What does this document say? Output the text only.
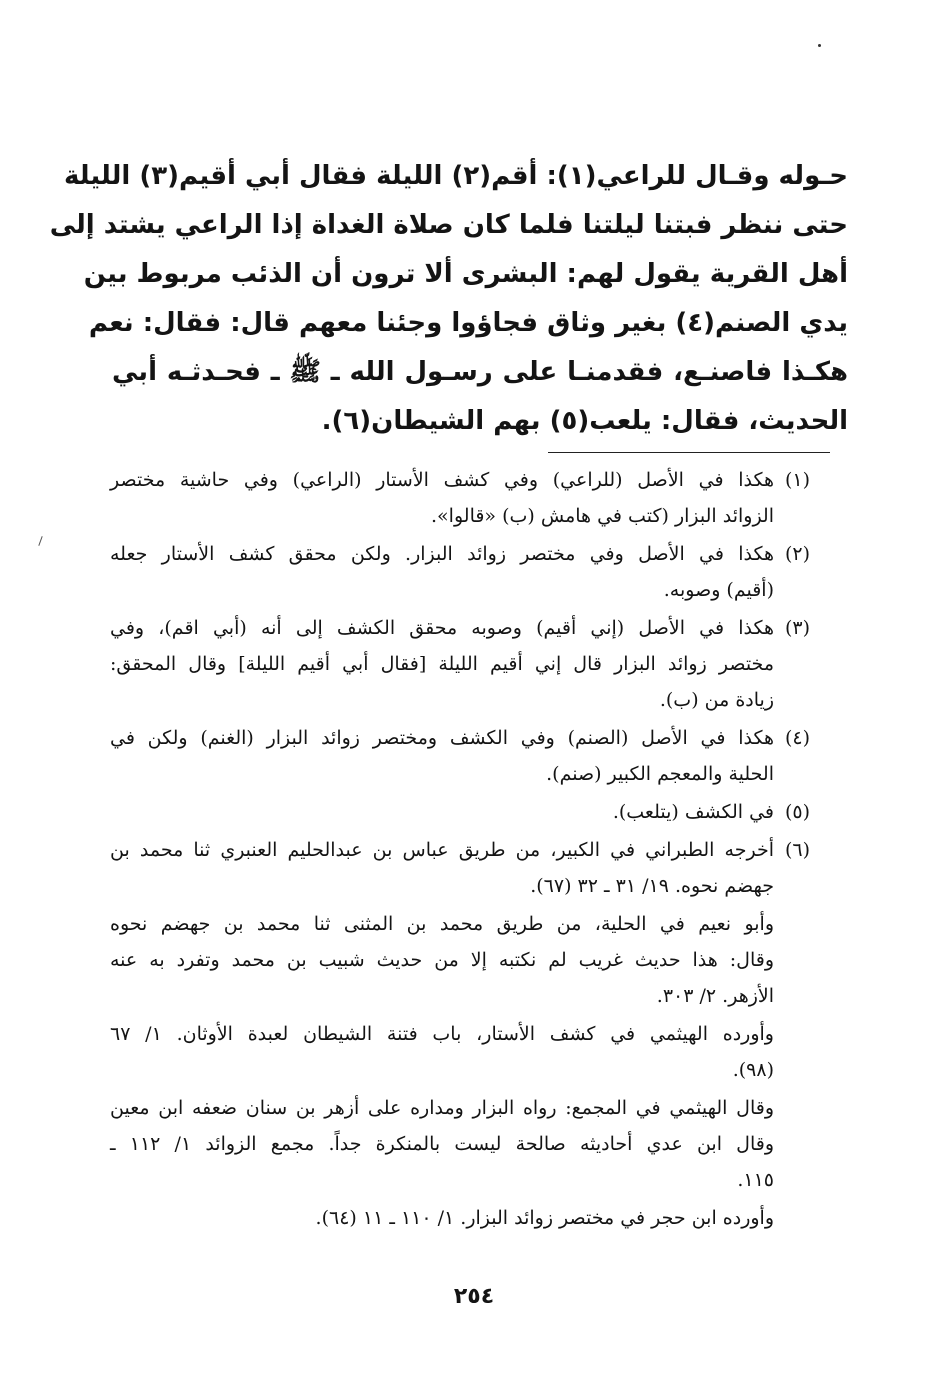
حـوله وقـال للراعي(١): أقم(٢) الليلة فقال أبي أقيم(٣) الليلة
حتى ننظر فبتنا ليلتنا فلما كان صلاة الغداة إذا الراعي يشتد إلى
أهل القرية يقول لهم: البشرى ألا ترون أن الذئب مربوط بين
يدي الصنم(٤) بغير وثاق فجاؤوا وجئنا معهم قال: فقال: نعم
هكـذا فاصنـع، فقدمنـا على رسـول الله ـ ﷺ ـ فحـدثـه أبي
الحديث، فقال: يلعب(٥) بهم الشيطان(٦).
(١)
هكذا في الأصل (للراعي) وفي كشف الأستار (الراعي) وفي حاشية مختصر
الزوائد البزار (كتب في هامش (ب) «قالوا».
(٢)
هكذا في الأصل وفي مختصر زوائد البزار. ولكن محقق كشف الأستار جعله
(أقيم) وصوبه.
(٣)
هكذا في الأصل (إني أقيم) وصوبه محقق الكشف إلى أنه (أبي اقم)، وفي
مختصر زوائد البزار قال إني أقيم الليلة [فقال أبي أقيم الليلة] وقال المحقق:
زيادة من (ب).
(٤)
هكذا في الأصل (الصنم) وفي الكشف ومختصر زوائد البزار (الغنم) ولكن في
الحلية والمعجم الكبير (صنم).
(٥)
في الكشف (يتلعب).
(٦)
أخرجه الطبراني في الكبير، من طريق عباس بن عبدالحليم العنبري ثنا محمد بن
جهضم نحوه. ١٩/ ٣١ ـ ٣٢ (٦٧).
وأبو نعيم في الحلية، من طريق محمد بن المثنى ثنا محمد بن جهضم نحوه
وقال: هذا حديث غريب لم نكتبه إلا من حديث شبيب بن محمد وتفرد به عنه
الأزهر. ٢/ ٣٠٣.
وأورده الهيثمي في كشف الأستار، باب فتنة الشيطان لعبدة الأوثان. ١/ ٦٧
(٩٨).
وقال الهيثمي في المجمع: رواه البزار ومداره على أزهر بن سنان ضعفه ابن معين
وقال ابن عدي أحاديثه صالحة ليست بالمنكرة جداً. مجمع الزوائد ١/ ١١٢ ـ
١١٥.
وأورده ابن حجر في مختصر زوائد البزار. ١/ ١١٠ ـ ١١ (٦٤).
٢٥٤
